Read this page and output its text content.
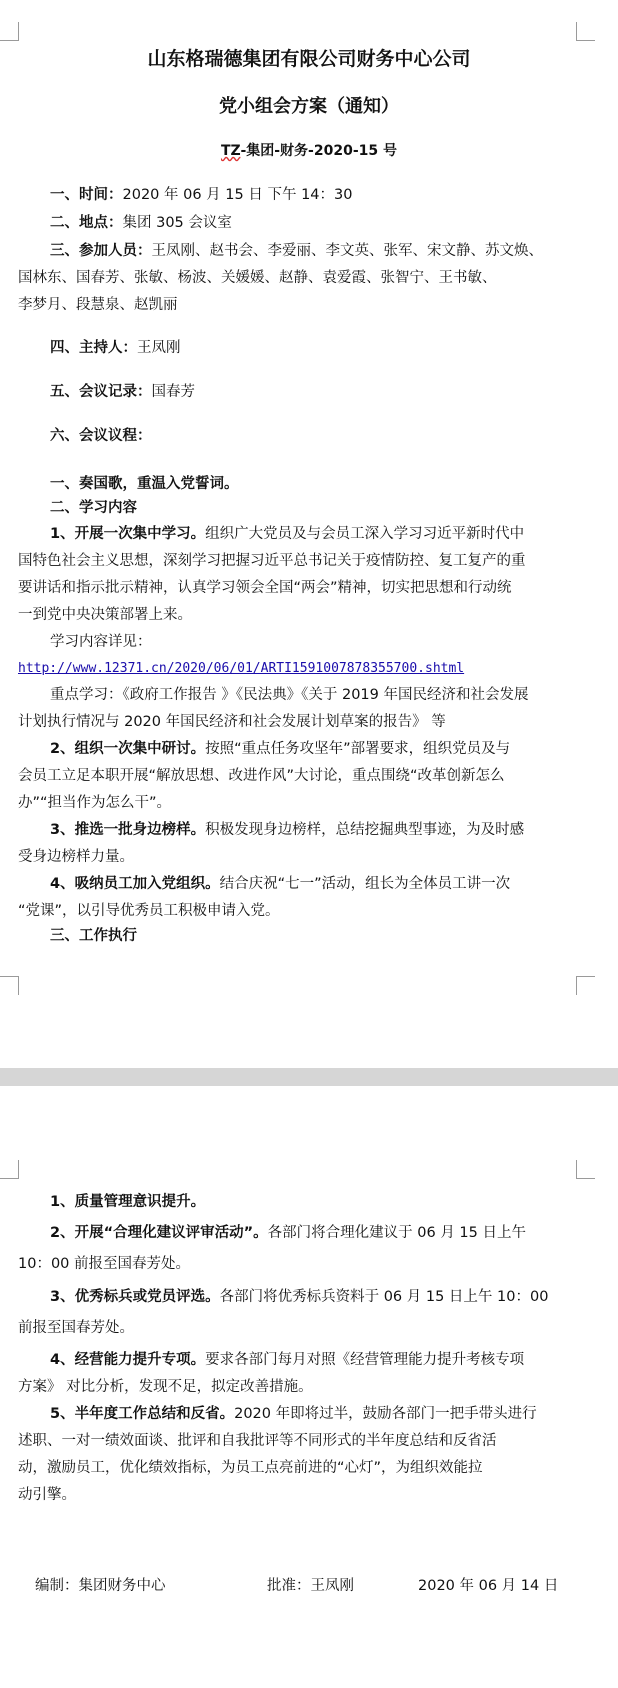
山东格瑞德集团有限公司财务中心公司
党小组会方案（通知）
TZ-集团-财务-2020-15 号
一、时间：2020 年 06 月 15 日 下午 14：30
二、地点：集团 305 会议室
三、参加人员：王凤刚、赵书会、李爱丽、李文英、张军、宋文静、苏文焕、
国林东、国春芳、张敏、杨波、关媛媛、赵静、袁爱霞、张智宁、王书敏、
李梦月、段慧泉、赵凯丽
四、主持人：王凤刚
五、会议记录：国春芳
六、会议议程：
一、奏国歌，重温入党誓词。
二、学习内容
1、开展一次集中学习。组织广大党员及与会员工深入学习习近平新时代中
国特色社会主义思想，深刻学习把握习近平总书记关于疫情防控、复工复产的重
要讲话和指示批示精神，认真学习领会全国“两会”精神，切实把思想和行动统
一到党中央决策部署上来。
学习内容详见：
http://www.12371.cn/2020/06/01/ARTI1591007878355700.shtml
重点学习：《政府工作报告 》《民法典》《关于 2019 年国民经济和社会发展
计划执行情况与 2020 年国民经济和社会发展计划草案的报告》 等
2、组织一次集中研讨。按照“重点任务攻坚年”部署要求，组织党员及与
会员工立足本职开展“解放思想、改进作风”大讨论，重点围绕“改革创新怎么
办”“担当作为怎么干”。
3、推选一批身边榜样。积极发现身边榜样，总结挖掘典型事迹，为及时感
受身边榜样力量。
4、吸纳员工加入党组织。结合庆祝“七一”活动，组长为全体员工讲一次
“党课”，以引导优秀员工积极申请入党。
三、工作执行
1、质量管理意识提升。
2、开展“合理化建议评审活动”。各部门将合理化建议于 06 月 15 日上午
10：00 前报至国春芳处。
3、优秀标兵或党员评选。各部门将优秀标兵资料于 06 月 15 日上午 10：00
前报至国春芳处。
4、经营能力提升专项。要求各部门每月对照《经营管理能力提升考核专项
方案》 对比分析，发现不足，拟定改善措施。
5、半年度工作总结和反省。2020 年即将过半，鼓励各部门一把手带头进行
述职、一对一绩效面谈、批评和自我批评等不同形式的半年度总结和反省活
动，激励员工，优化绩效指标，为员工点亮前进的“心灯”，为组织效能拉
动引擎。
编制：集团财务中心	批准：王凤刚	2020 年 06 月 14 日
